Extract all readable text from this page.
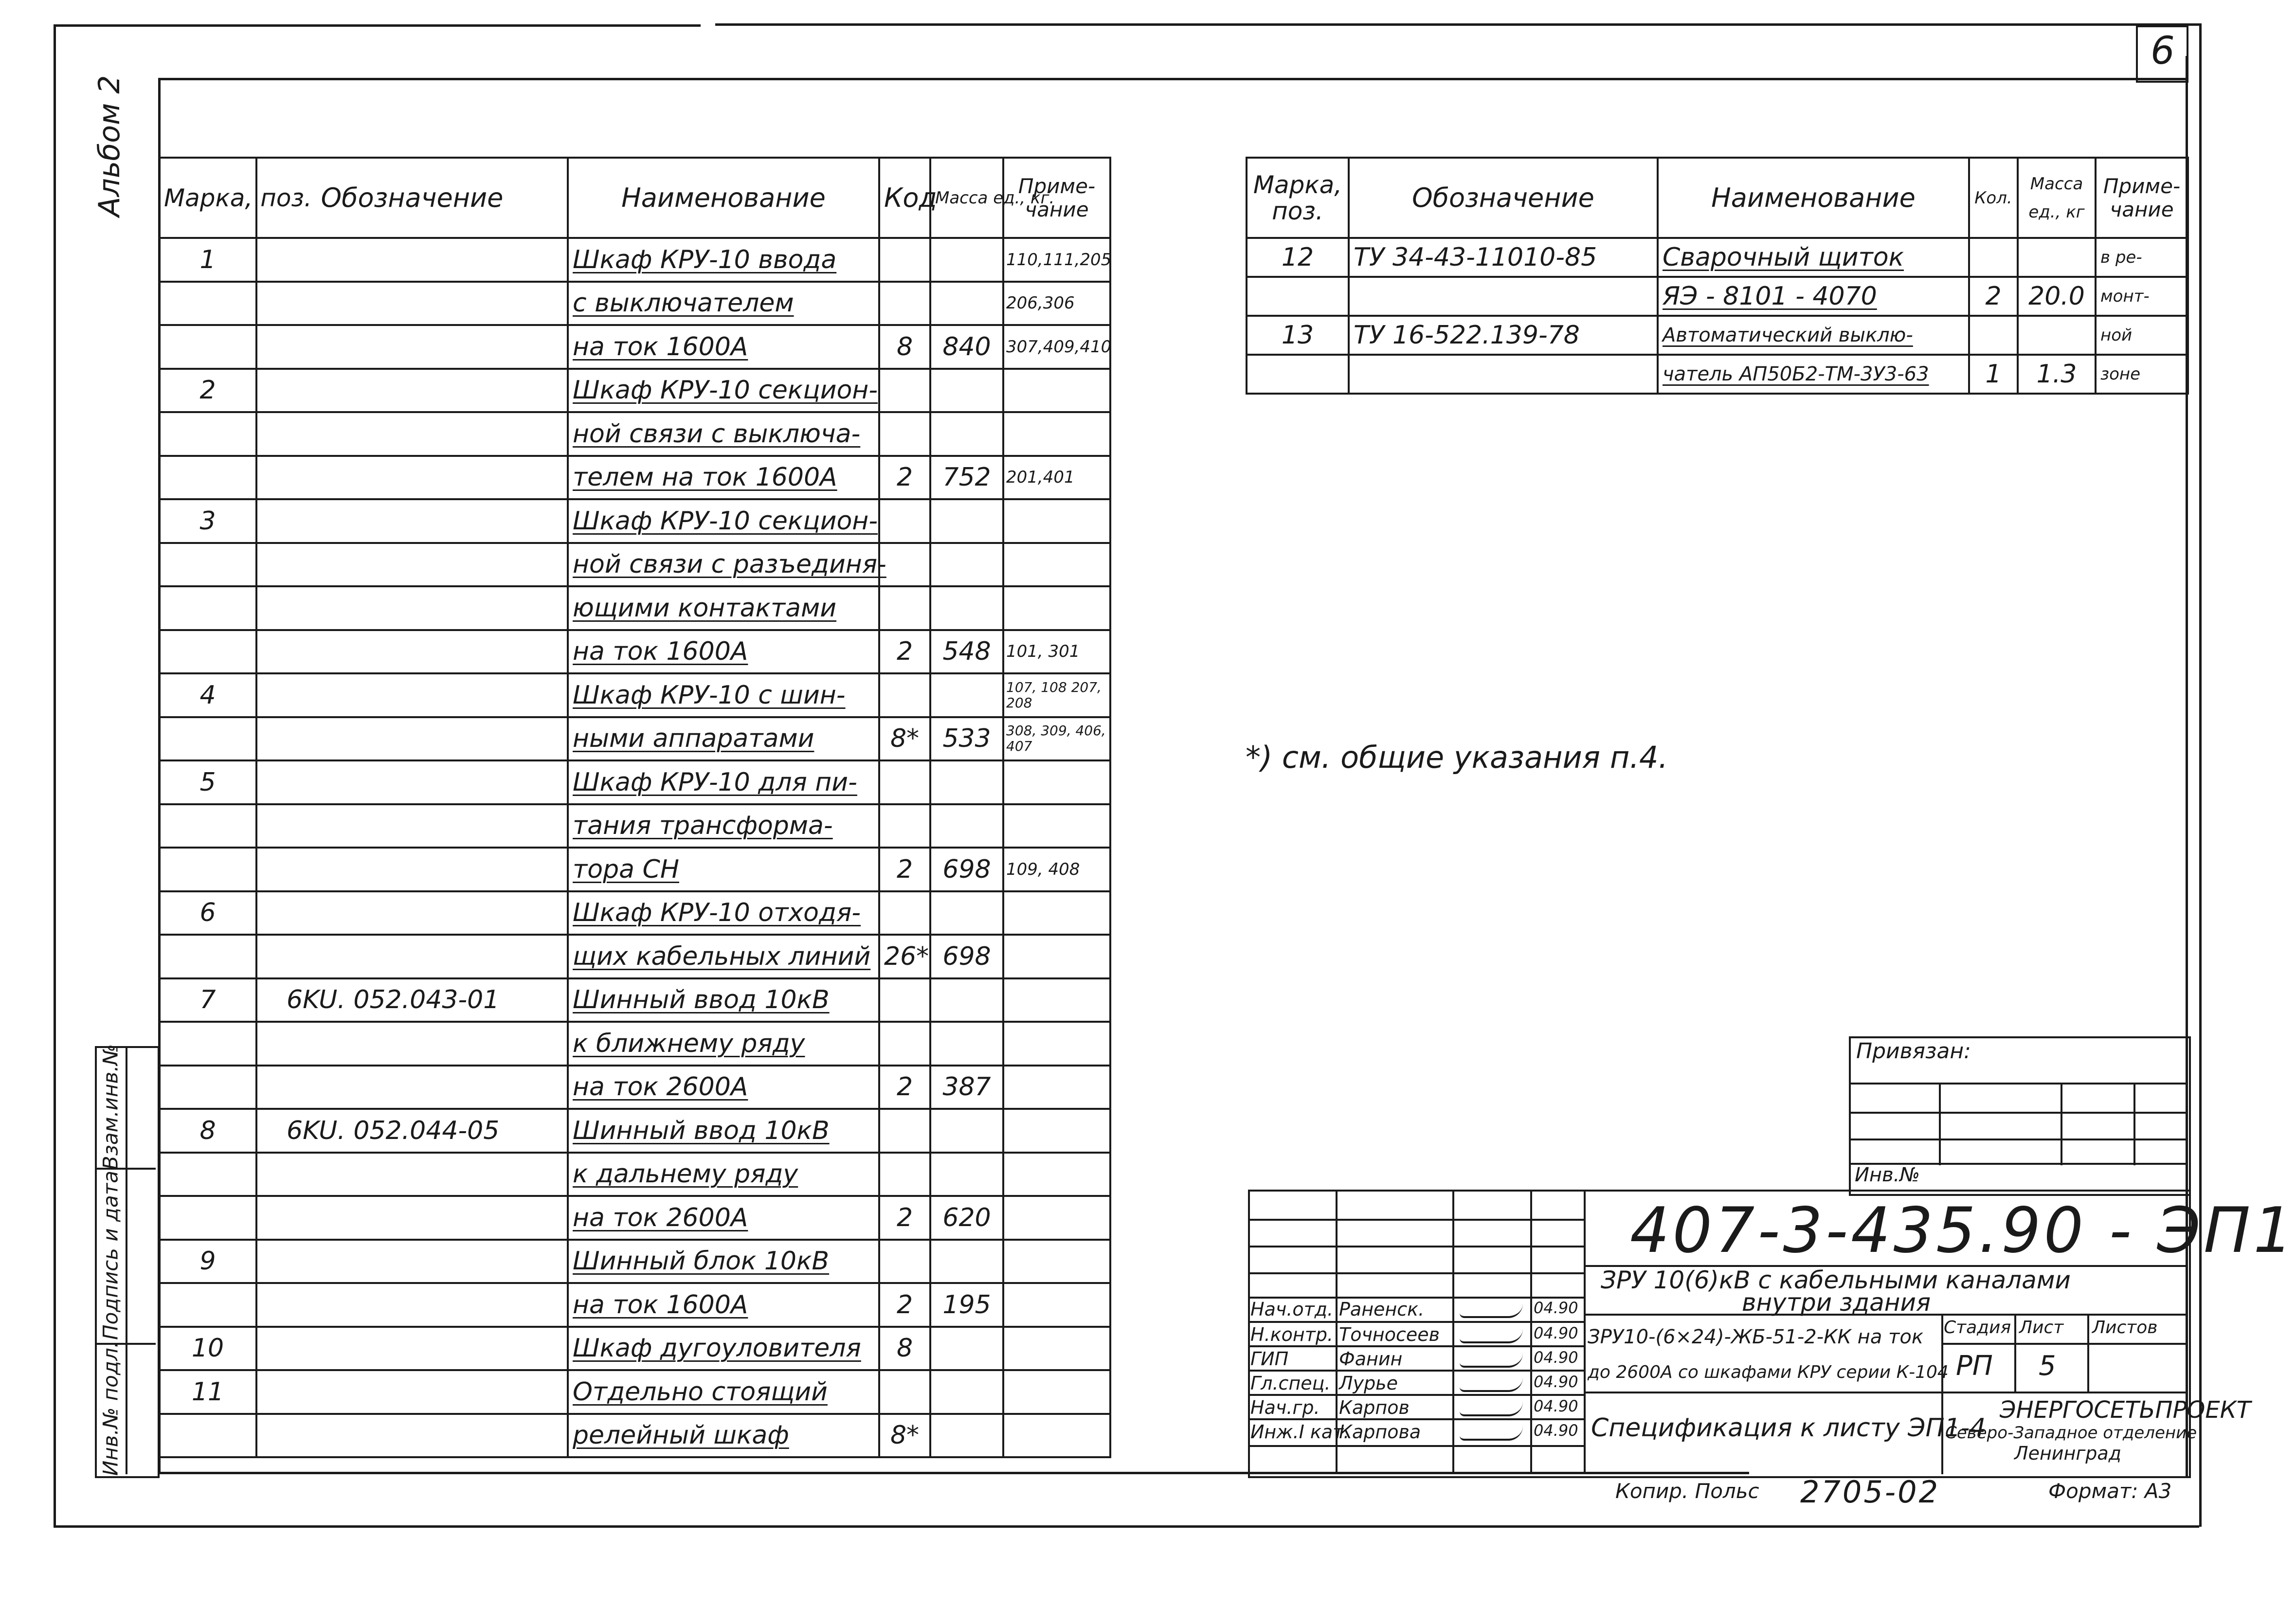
6
Альбом 2
Инв.№ подл.
Подпись и дата
Взам.инв.№
Марка, поз.	Обозначение	Наименование	Код	Масса ед., кг.	Приме- чание
1		Шкаф КРУ-10 ввода			110,111,205
		с выключателем			206,306
		на ток 1600А	8	840	307,409,410
2		Шкаф КРУ-10 секцион-			
		ной связи с выключа-			
		телем на ток 1600А	2	752	201,401
3		Шкаф КРУ-10 секцион-			
		ной связи с разъединя-			
		ющими контактами			
		на ток 1600А	2	548	101, 301
4		Шкаф КРУ-10 с шин-			107, 108 207, 208
		ными аппаратами	8*	533	308, 309, 406, 407
5		Шкаф КРУ-10 для пи-			
		тания трансформа-			
		тора СН	2	698	109, 408
6		Шкаф КРУ-10 отходя-			
		щих кабельных линий	26*	698	
7	6KU. 052.043-01	Шинный ввод 10кВ			
		к ближнему ряду			
		на ток 2600А	2	387	
8	6KU. 052.044-05	Шинный ввод 10кВ			
		к дальнему ряду			
		на ток 2600А	2	620	
9		Шинный блок 10кВ			
		на ток 1600А	2	195	
10		Шкаф дугоуловителя	8		
11		Отдельно стоящий			
		релейный шкаф	8*		
Марка, поз.	Обозначение	Наименование	Кол.	Масса ед., кг	Приме- чание
12	ТУ 34-43-11010-85	Сварочный щиток			в ре-
		ЯЭ - 8101 - 4070	2	20.0	монт-
13	ТУ 16-522.139-78	Автоматический выклю-			ной
		чатель АП50Б2-ТМ-3У3-63	1	1.3	зоне
*) см. общие указания п.4.
Привязан:
Инв.№
Нач.отд. Раненск.	04.90
Н.контр. Точносеев	04.90
ГИП	Фанин	04.90
Гл.спец. Лурье	04.90
Нач.гр. Карпов	04.90
Инж.I кат.
Карпова	04.90
407-3-435.90 - ЭП1
ЗРУ 10(6)кВ с кабельными каналами
внутри здания
ЗРУ10-(6×24)-ЖБ-51-2-КК на ток
до 2600А со шкафами КРУ серии К-104
Спецификация к листу ЭП1-4
Стадия Лист Листов
РП 5
ЭНЕРГОСЕТЬПРОЕКТ
Северо-Западное отделение
Ленинград
Копир. Польс 2705-02	Формат: А3
